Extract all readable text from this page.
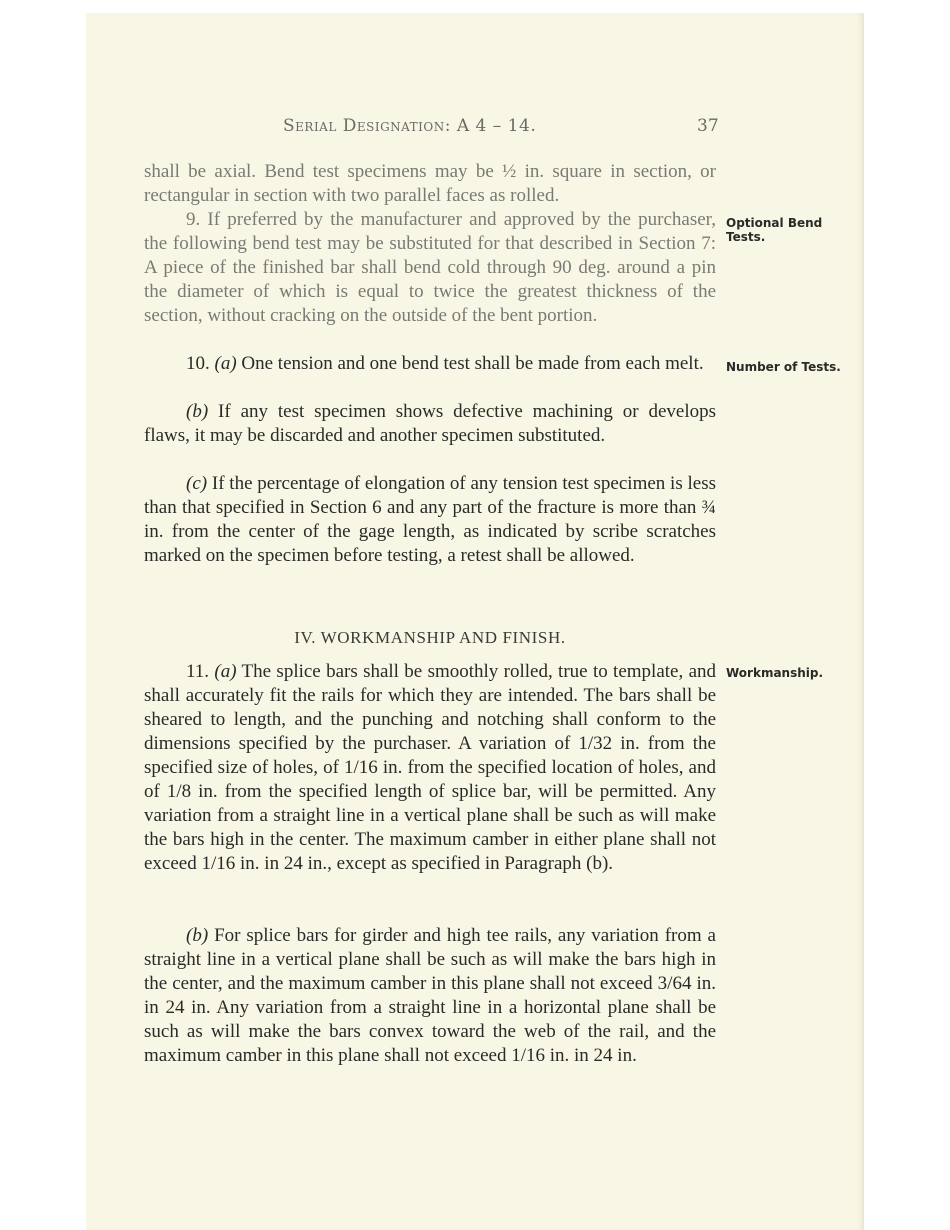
Serial Designation: A 4 – 14.	37
shall be axial. Bend test specimens may be ½ in. square in section, or rectangular in section with two parallel faces as rolled.
9. If preferred by the manufacturer and approved by the purchaser, the following bend test may be substituted for that described in Section 7: A piece of the finished bar shall bend cold through 90 deg. around a pin the diameter of which is equal to twice the greatest thickness of the section, without cracking on the outside of the bent portion.
Optional Bend Tests.
10. (a) One tension and one bend test shall be made from each melt.	Number of Tests.
(b) If any test specimen shows defective machining or develops flaws, it may be discarded and another specimen substituted.
(c) If the percentage of elongation of any tension test specimen is less than that specified in Section 6 and any part of the fracture is more than ¾ in. from the center of the gage length, as indicated by scribe scratches marked on the specimen before testing, a retest shall be allowed.
IV. WORKMANSHIP AND FINISH.
11. (a) The splice bars shall be smoothly rolled, true to template, and shall accurately fit the rails for which they are intended. The bars shall be sheared to length, and the punching and notching shall conform to the dimensions specified by the purchaser. A variation of 1/32 in. from the specified size of holes, of 1/16 in. from the specified location of holes, and of 1/8 in. from the specified length of splice bar, will be permitted. Any variation from a straight line in a vertical plane shall be such as will make the bars high in the center. The maximum camber in either plane shall not exceed 1/16 in. in 24 in., except as specified in Paragraph (b).
Workmanship.
(b) For splice bars for girder and high tee rails, any variation from a straight line in a vertical plane shall be such as will make the bars high in the center, and the maximum camber in this plane shall not exceed 3/64 in. in 24 in. Any variation from a straight line in a horizontal plane shall be such as will make the bars convex toward the web of the rail, and the maximum camber in this plane shall not exceed 1/16 in. in 24 in.
